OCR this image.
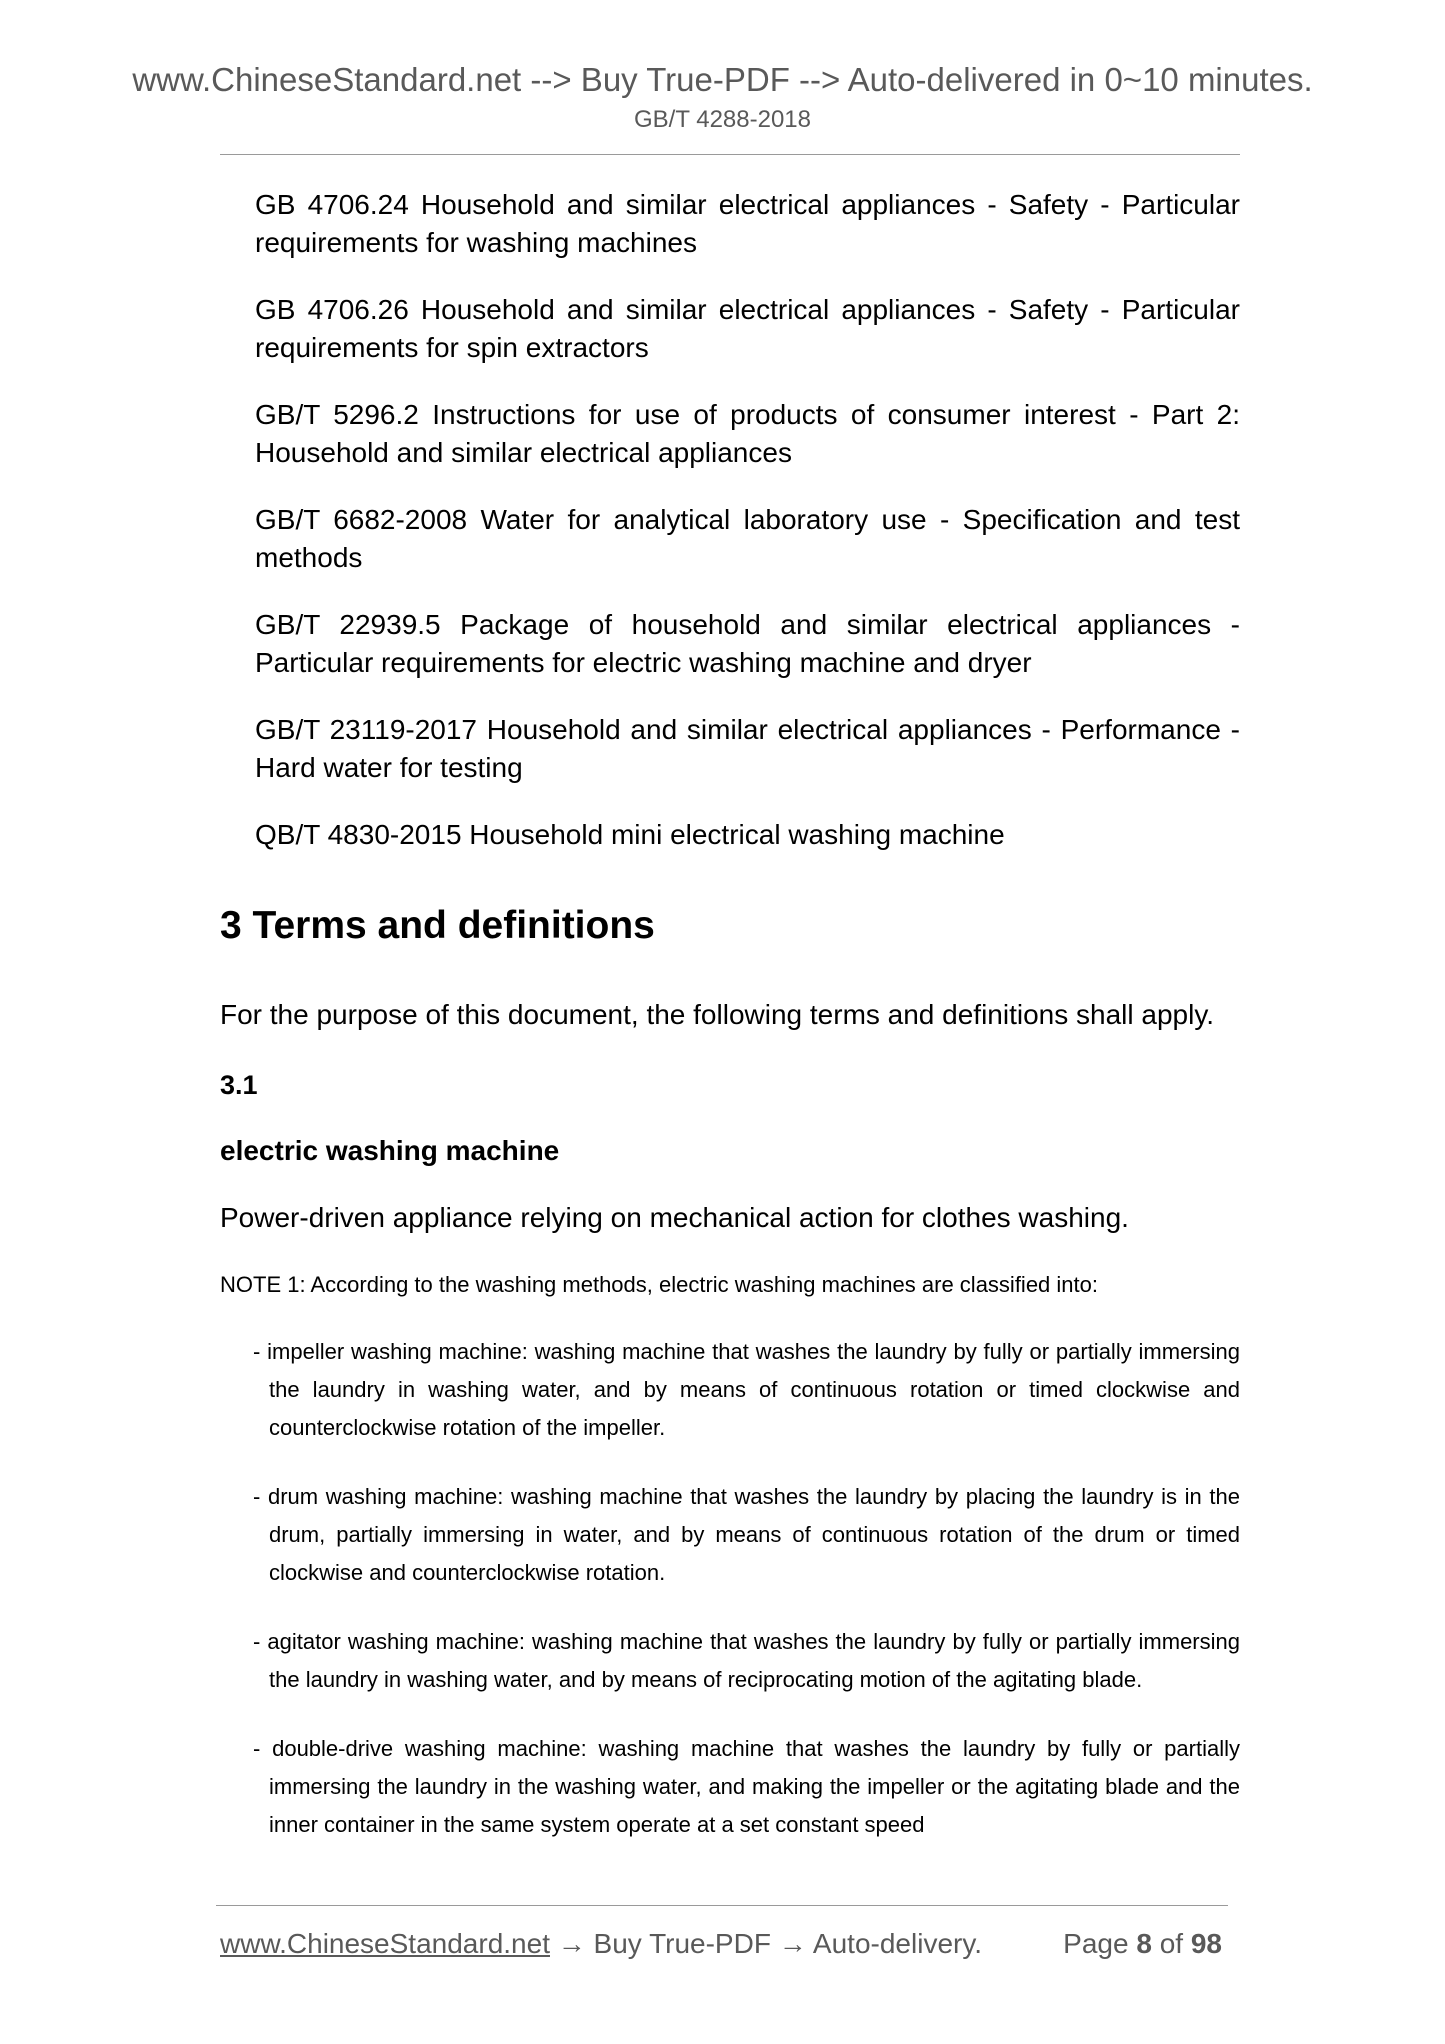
www.ChineseStandard.net --> Buy True-PDF --> Auto-delivered in 0~10 minutes.
GB/T 4288-2018

GB 4706.24 Household and similar electrical appliances - Safety - Particular requirements for washing machines

GB 4706.26 Household and similar electrical appliances - Safety - Particular requirements for spin extractors

GB/T 5296.2 Instructions for use of products of consumer interest - Part 2: Household and similar electrical appliances

GB/T 6682-2008 Water for analytical laboratory use - Specification and test methods

GB/T 22939.5 Package of household and similar electrical appliances - Particular requirements for electric washing machine and dryer

GB/T 23119-2017 Household and similar electrical appliances - Performance - Hard water for testing

QB/T 4830-2015 Household mini electrical washing machine

3 Terms and definitions
For the purpose of this document, the following terms and definitions shall apply.
3.1
electric washing machine
Power-driven appliance relying on mechanical action for clothes washing.
NOTE 1: According to the washing methods, electric washing machines are classified into:

- impeller washing machine: washing machine that washes the laundry by fully or partially immersing the laundry in washing water, and by means of continuous rotation or timed clockwise and counterclockwise rotation of the impeller.

- drum washing machine: washing machine that washes the laundry by placing the laundry is in the drum, partially immersing in water, and by means of continuous rotation of the drum or timed clockwise and counterclockwise rotation.

- agitator washing machine: washing machine that washes the laundry by fully or partially immersing the laundry in washing water, and by means of reciprocating motion of the agitating blade.

- double-drive washing machine: washing machine that washes the laundry by fully or partially immersing the laundry in the washing water, and making the impeller or the agitating blade and the inner container in the same system operate at a set constant speed

www.ChineseStandard.net → Buy True-PDF → Auto-delivery.	Page 8 of 98
